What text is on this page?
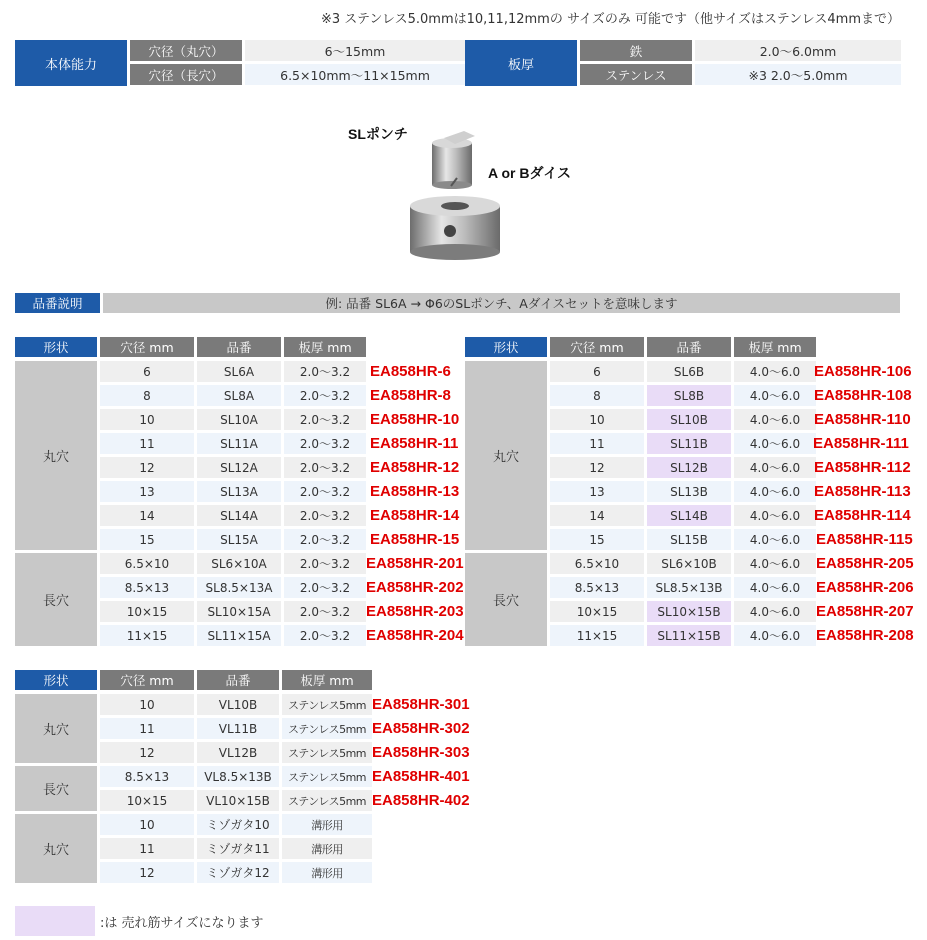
※3 ステンレス5.0mmは10,11,12mmの サイズのみ 可能です（他サイズはステンレス4mmまで）
本体能力
穴径（丸穴）	6〜15mm
穴径（長穴）	6.5×10mm〜11×15mm
板厚
鉄	2.0〜6.0mm
ステンレス	※3 2.0〜5.0mm
SLポンチ
A or Bダイス
品番説明	例: 品番 SL6A → Φ6のSLポンチ、Aダイスセットを意味します
形状	穴径 mm	品番	板厚 mm
丸穴
6	SL6A	2.0〜3.2	EA858HR-6
8	SL8A	2.0〜3.2	EA858HR-8
10	SL10A	2.0〜3.2	EA858HR-10
11	SL11A	2.0〜3.2	EA858HR-11
12	SL12A	2.0〜3.2	EA858HR-12
13	SL13A	2.0〜3.2	EA858HR-13
14	SL14A	2.0〜3.2	EA858HR-14
15	SL15A	2.0〜3.2	EA858HR-15
長穴
6.5×10	SL6×10A	2.0〜3.2	EA858HR-201
8.5×13	SL8.5×13A	2.0〜3.2	EA858HR-202
10×15	SL10×15A	2.0〜3.2	EA858HR-203
11×15	SL11×15A	2.0〜3.2	EA858HR-204
形状	穴径 mm	品番	板厚 mm
丸穴
6	SL6B	4.0〜6.0 EA858HR-106
8	SL8B	4.0〜6.0 EA858HR-108
10	SL10B	4.0〜6.0 EA858HR-110
11	SL11B	4.0〜6.0 EA858HR-111
12	SL12B	4.0〜6.0 EA858HR-112
13	SL13B	4.0〜6.0 EA858HR-113
14	SL14B	4.0〜6.0 EA858HR-114
15	SL15B	4.0〜6.0	EA858HR-115
長穴
6.5×10	SL6×10B	4.0〜6.0	EA858HR-205
8.5×13	SL8.5×13B	4.0〜6.0	EA858HR-206
10×15	SL10×15B	4.0〜6.0	EA858HR-207
11×15	SL11×15B	4.0〜6.0	EA858HR-208
形状	穴径 mm	品番	板厚 mm
丸穴
10	VL10B	ステンレス5mm EA858HR-301
11	VL11B	ステンレス5mm EA858HR-302
12	VL12B	ステンレス5mm EA858HR-303
長穴
8.5×13	VL8.5×13B	ステンレス5mm EA858HR-401
10×15	VL10×15B	ステンレス5mm EA858HR-402
丸穴
10	ミゾガタ10	溝形用
11	ミゾガタ11	溝形用
12	ミゾガタ12	溝形用
:は 売れ筋サイズになります
